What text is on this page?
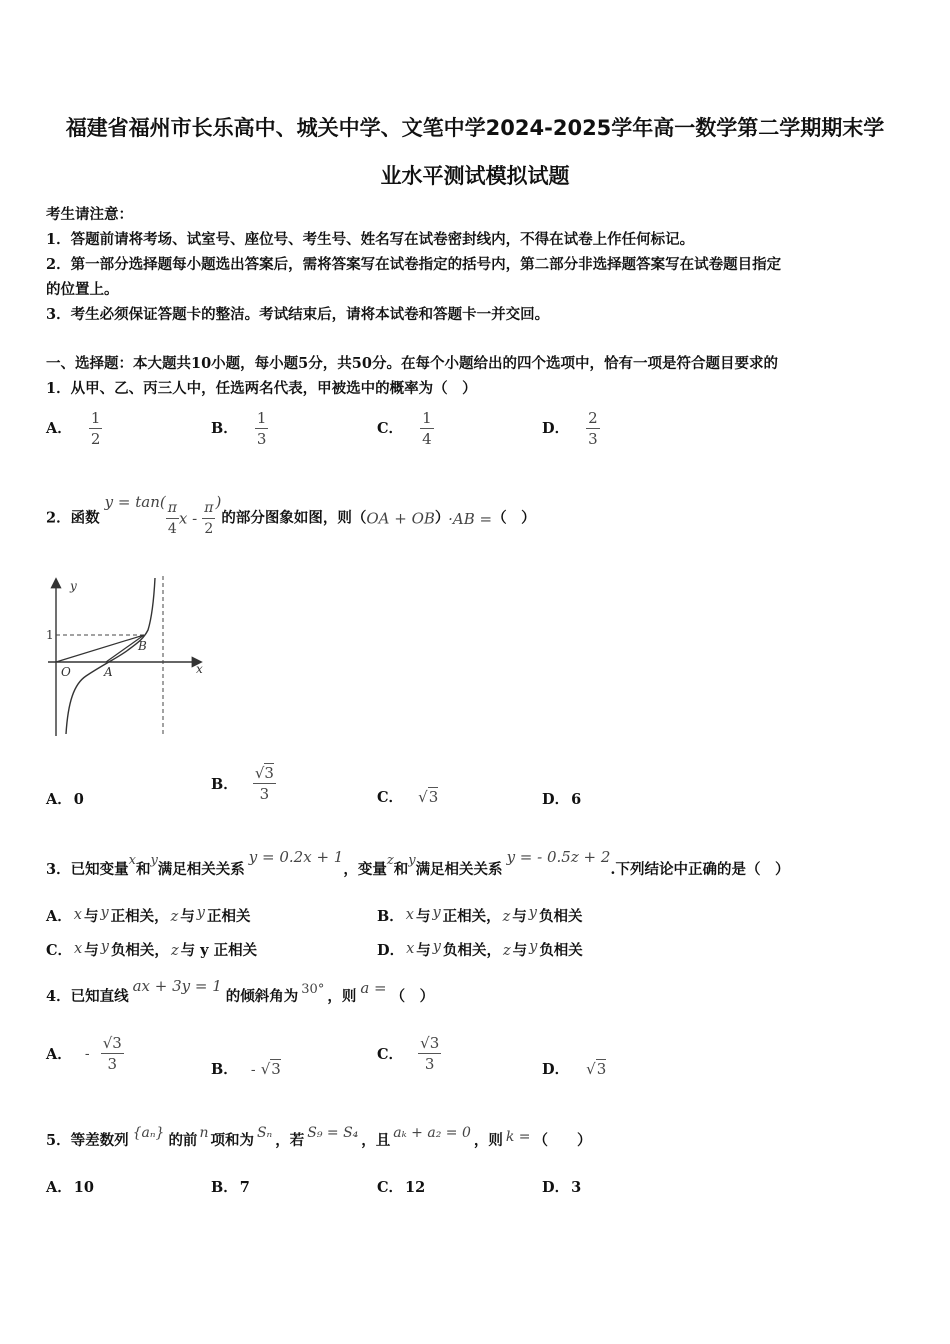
福建省福州市长乐高中、城关中学、文笔中学2024-2025学年高一数学第二学期期末学
业水平测试模拟试题
考生请注意：
1．答题前请将考场、试室号、座位号、考生号、姓名写在试卷密封线内，不得在试卷上作任何标记。
2．第一部分选择题每小题选出答案后，需将答案写在试卷指定的括号内，第二部分非选择题答案写在试卷题目指定
的位置上。
3．考生必须保证答题卡的整洁。考试结束后，请将本试卷和答题卡一并交回。
一、选择题：本大题共10小题，每小题5分，共50分。在每个小题给出的四个选项中，恰有一项是符合题目要求的
1．从甲、乙、丙三人中，任选两名代表，甲被选中的概率为（　）
A． $\frac{1}{2}$	B． $\frac{1}{3}$	C． $\frac{1}{4}$	D． $\frac{2}{3}$
2．函数 $y = \tan( \frac{\pi}{4}$ x - $\frac{\pi}{2}$ )的部分图象如图，则（OA + OB） ·AB =（　）
y
x
1
O	A
B
A． 0
B． $\frac{√3}{3}$	C． √3	D． 6
3．已知变量x和y满足相关关系y = 0.2x + 1，变量z和y满足相关关系y = - 0.5z + 2.下列结论中正确的是（　）
A． x 与 y 正相关， z 与 y 正相关	B． x 与 y 正相关， z 与 y 负相关
C． x 与 y 负相关， z 与 y 正相关	D． x 与 y 负相关， z 与 y 负相关
4．已知直线ax + 3y = 1的倾斜角为 30° ，则 a = （　）
A． - $\frac{√3}{3}$	B． - √3
C． $\frac{√3}{3}$	D． √3
5．等差数列 {aₙ} 的前 n 项和为 Sₙ ，若 S₉ = S₄ ，且 aₖ + a₂ = 0 ，则 k = （　　）
A． 10	B． 7	C． 12	D． 3
